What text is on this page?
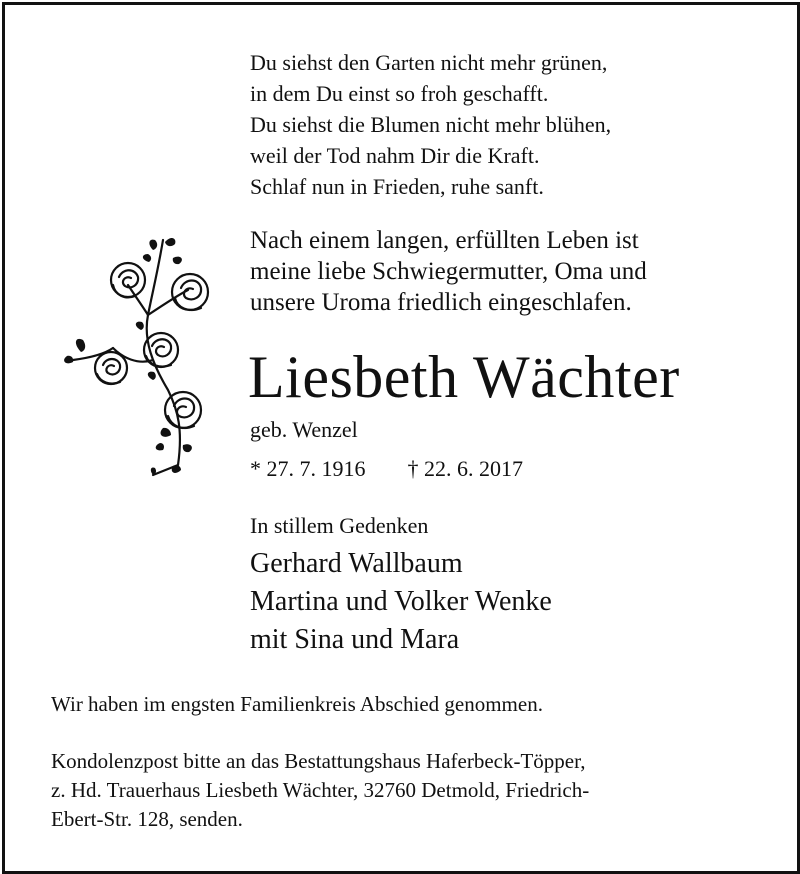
Du siehst den Garten nicht mehr grünen,
in dem Du einst so froh geschafft.
Du siehst die Blumen nicht mehr blühen,
weil der Tod nahm Dir die Kraft.
Schlaf nun in Frieden, ruhe sanft.
Nach einem langen, erfüllten Leben ist
meine liebe Schwiegermutter, Oma und
unsere Uroma friedlich eingeschlafen.
Liesbeth Wächter
geb. Wenzel
* 27. 7. 1916 † 22. 6. 2017
In stillem Gedenken
Gerhard Wallbaum
Martina und Volker Wenke
mit Sina und Mara
Wir haben im engsten Familienkreis Abschied genommen.
Kondolenzpost bitte an das Bestattungshaus Haferbeck-Töpper,
z. Hd. Trauerhaus Liesbeth Wächter, 32760 Detmold, Friedrich-
Ebert-Str. 128, senden.
